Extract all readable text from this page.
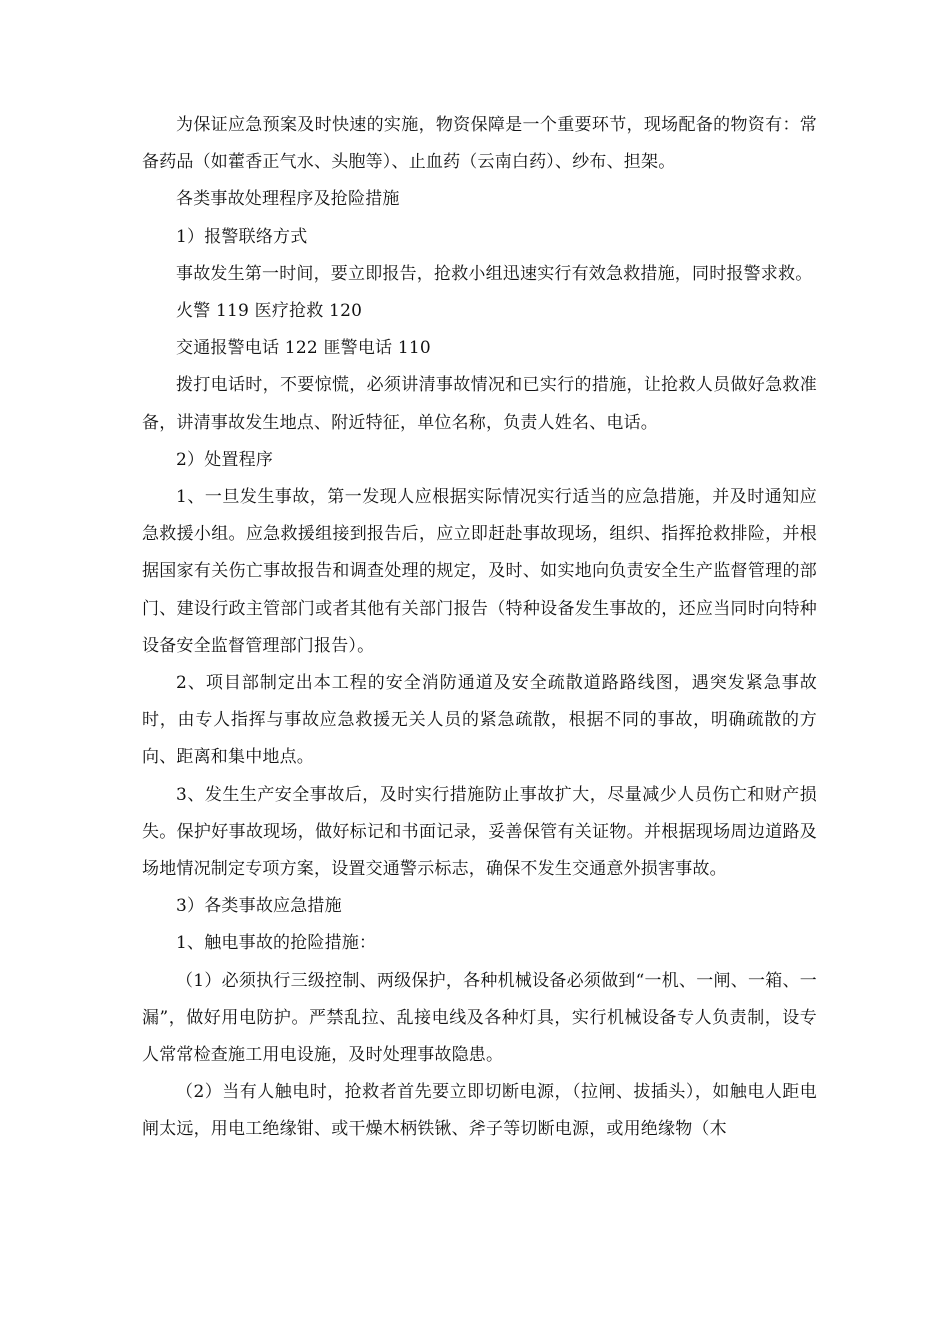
为保证应急预案及时快速的实施，物资保障是一个重要环节，现场配备的物资有：常备药品（如藿香正气水、头胞等）、止血药（云南白药）、纱布、担架。

各类事故处理程序及抢险措施

1）报警联络方式

事故发生第一时间，要立即报告，抢救小组迅速实行有效急救措施，同时报警求救。

火警 119 医疗抢救 120

交通报警电话 122 匪警电话 110

拨打电话时，不要惊慌，必须讲清事故情况和已实行的措施，让抢救人员做好急救准备，讲清事故发生地点、附近特征，单位名称，负责人姓名、电话。

2）处置程序

1、一旦发生事故，第一发现人应根据实际情况实行适当的应急措施，并及时通知应急救援小组。应急救援组接到报告后，应立即赶赴事故现场，组织、指挥抢救排险，并根据国家有关伤亡事故报告和调查处理的规定，及时、如实地向负责安全生产监督管理的部门、建设行政主管部门或者其他有关部门报告（特种设备发生事故的，还应当同时向特种设备安全监督管理部门报告）。

2、项目部制定出本工程的安全消防通道及安全疏散道路路线图，遇突发紧急事故时，由专人指挥与事故应急救援无关人员的紧急疏散，根据不同的事故，明确疏散的方向、距离和集中地点。

3、发生生产安全事故后，及时实行措施防止事故扩大，尽量减少人员伤亡和财产损失。保护好事故现场，做好标记和书面记录，妥善保管有关证物。并根据现场周边道路及场地情况制定专项方案，设置交通警示标志，确保不发生交通意外损害事故。

3）各类事故应急措施

1、触电事故的抢险措施：

（1）必须执行三级控制、两级保护，各种机械设备必须做到“一机、一闸、一箱、一漏”，做好用电防护。严禁乱拉、乱接电线及各种灯具，实行机械设备专人负责制，设专人常常检查施工用电设施，及时处理事故隐患。

（2）当有人触电时，抢救者首先要立即切断电源，（拉闸、拔插头），如触电人距电闸太远，用电工绝缘钳、或干燥木柄铁锹、斧子等切断电源，或用绝缘物（木
